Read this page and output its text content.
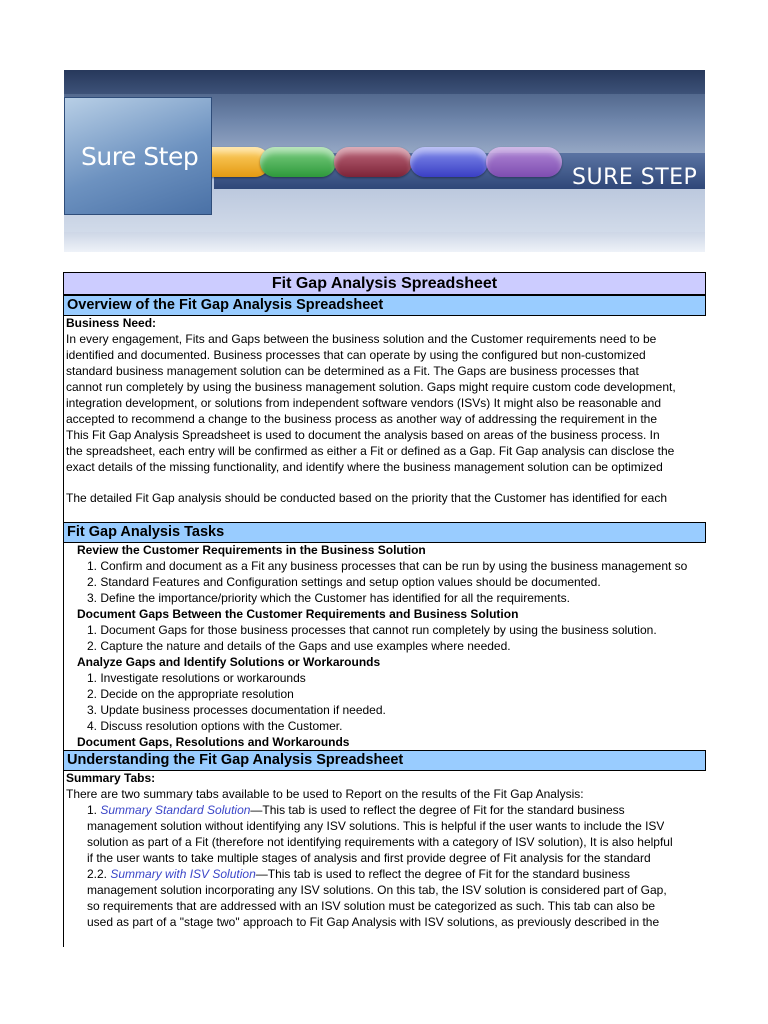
Sure Step
SURE STEP
Fit Gap Analysis Spreadsheet
Overview of the Fit Gap Analysis Spreadsheet
Business Need:
In every engagement, Fits and Gaps between the business solution and the Customer requirements need to be
identified and documented. Business processes that can operate by using the configured but non-customized
standard business management solution can be determined as a Fit. The Gaps are business processes that
cannot run completely by using the business management solution. Gaps might require custom code development,
integration development, or solutions from independent software vendors (ISVs) It might also be reasonable and
accepted to recommend a change to the business process as another way of addressing the requirement in the
This Fit Gap Analysis Spreadsheet is used to document the analysis based on areas of the business process. In
the spreadsheet, each entry will be confirmed as either a Fit or defined as a Gap. Fit Gap analysis can disclose the
exact details of the missing functionality, and identify where the business management solution can be optimized
The detailed Fit Gap analysis should be conducted based on the priority that the Customer has identified for each
Fit Gap Analysis Tasks
Review the Customer Requirements in the Business Solution
1. Confirm and document as a Fit any business processes that can be run by using the business management so
2. Standard Features and Configuration settings and setup option values should be documented.
3. Define the importance/priority which the Customer has identified for all the requirements.
Document Gaps Between the Customer Requirements and Business Solution
1. Document Gaps for those business processes that cannot run completely by using the business solution.
2. Capture the nature and details of the Gaps and use examples where needed.
Analyze Gaps and Identify Solutions or Workarounds
1. Investigate resolutions or workarounds
2. Decide on the appropriate resolution
3. Update business processes documentation if needed.
4. Discuss resolution options with the Customer.
Document Gaps, Resolutions and Workarounds
Understanding the Fit Gap Analysis Spreadsheet
Summary Tabs:
There are two summary tabs available to be used to Report on the results of the Fit Gap Analysis:
1. Summary Standard Solution—This tab is used to reflect the degree of Fit for the standard business
management solution without identifying any ISV solutions. This is helpful if the user wants to include the ISV
solution as part of a Fit (therefore not identifying requirements with a category of ISV solution), It is also helpful
if the user wants to take multiple stages of analysis and first provide degree of Fit analysis for the standard
2.2. Summary with ISV Solution—This tab is used to reflect the degree of Fit for the standard business
management solution incorporating any ISV solutions. On this tab, the ISV solution is considered part of Gap,
so requirements that are addressed with an ISV solution must be categorized as such. This tab can also be
used as part of a "stage two" approach to Fit Gap Analysis with ISV solutions, as previously described in the
